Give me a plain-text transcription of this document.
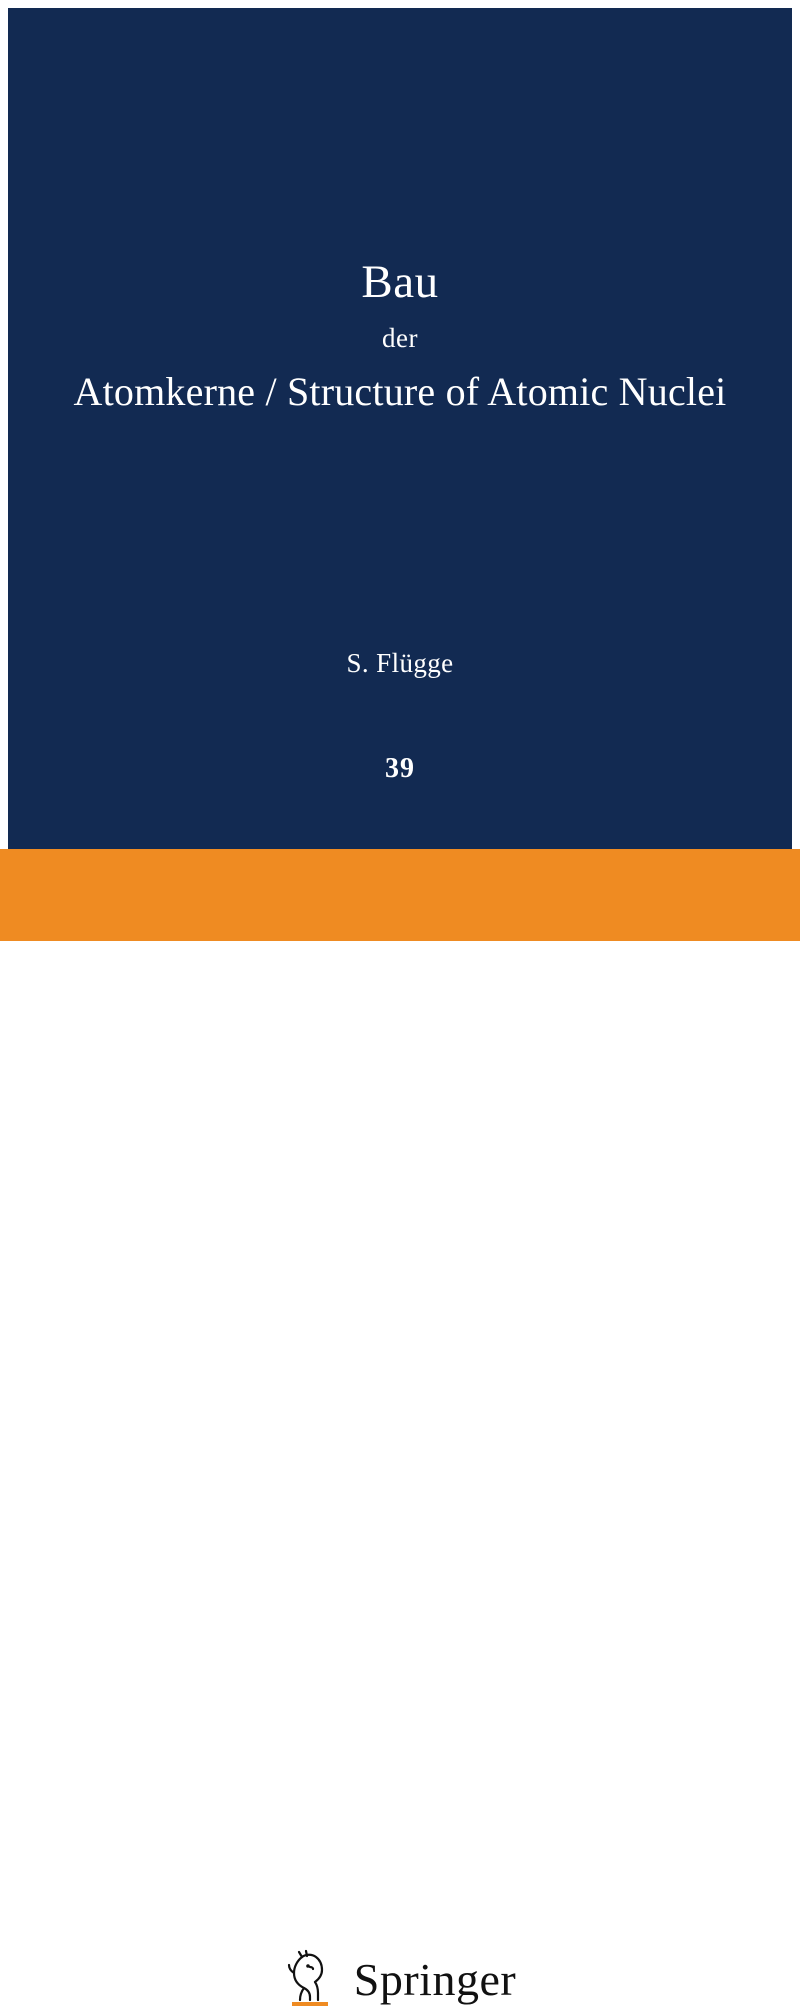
Bau
der
Atomkerne / Structure of Atomic Nuclei
S. Flügge
39
Springer
